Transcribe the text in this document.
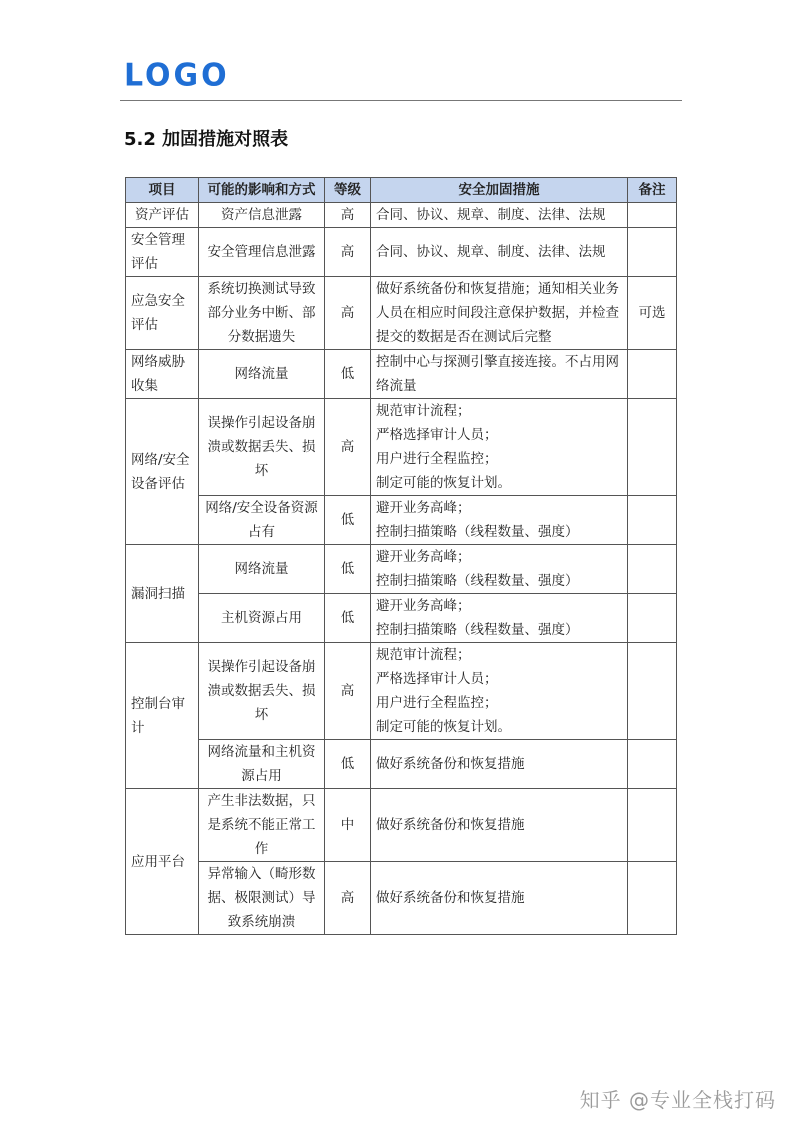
LOGO
5.2 加固措施对照表
项目	可能的影响和方式	等级	安全加固措施	备注
资产评估	资产信息泄露	高	合同、协议、规章、制度、法律、法规	

安全管理评估	安全管理信息泄露	高	合同、协议、规章、制度、法律、法规	

应急安全评估	系统切换测试导致部分业务中断、部分数据遗失	高	做好系统备份和恢复措施；通知相关业务人员在相应时间段注意保护数据，并检查提交的数据是否在测试后完整	可选
网络威胁收集	网络流量	低	控制中心与探测引擎直接连接。不占用网络流量	

网络/安全设备评估	误操作引起设备崩溃或数据丢失、损坏	高	规范审计流程；
严格选择审计人员；
用户进行全程监控；
制定可能的恢复计划。	

	网络/安全设备资源占有	低	避开业务高峰；
控制扫描策略（线程数量、强度）	

漏洞扫描	网络流量	低	避开业务高峰；
控制扫描策略（线程数量、强度）	

	主机资源占用	低	避开业务高峰；
控制扫描策略（线程数量、强度）	

控制台审计	误操作引起设备崩溃或数据丢失、损坏	高	规范审计流程；
严格选择审计人员；
用户进行全程监控；
制定可能的恢复计划。	

	网络流量和主机资源占用	低	做好系统备份和恢复措施	

应用平台	产生非法数据，只是系统不能正常工作	中	做好系统备份和恢复措施	

	异常输入（畸形数据、极限测试）导致系统崩溃	高	做好系统备份和恢复措施	

知乎 @专业全栈打码
